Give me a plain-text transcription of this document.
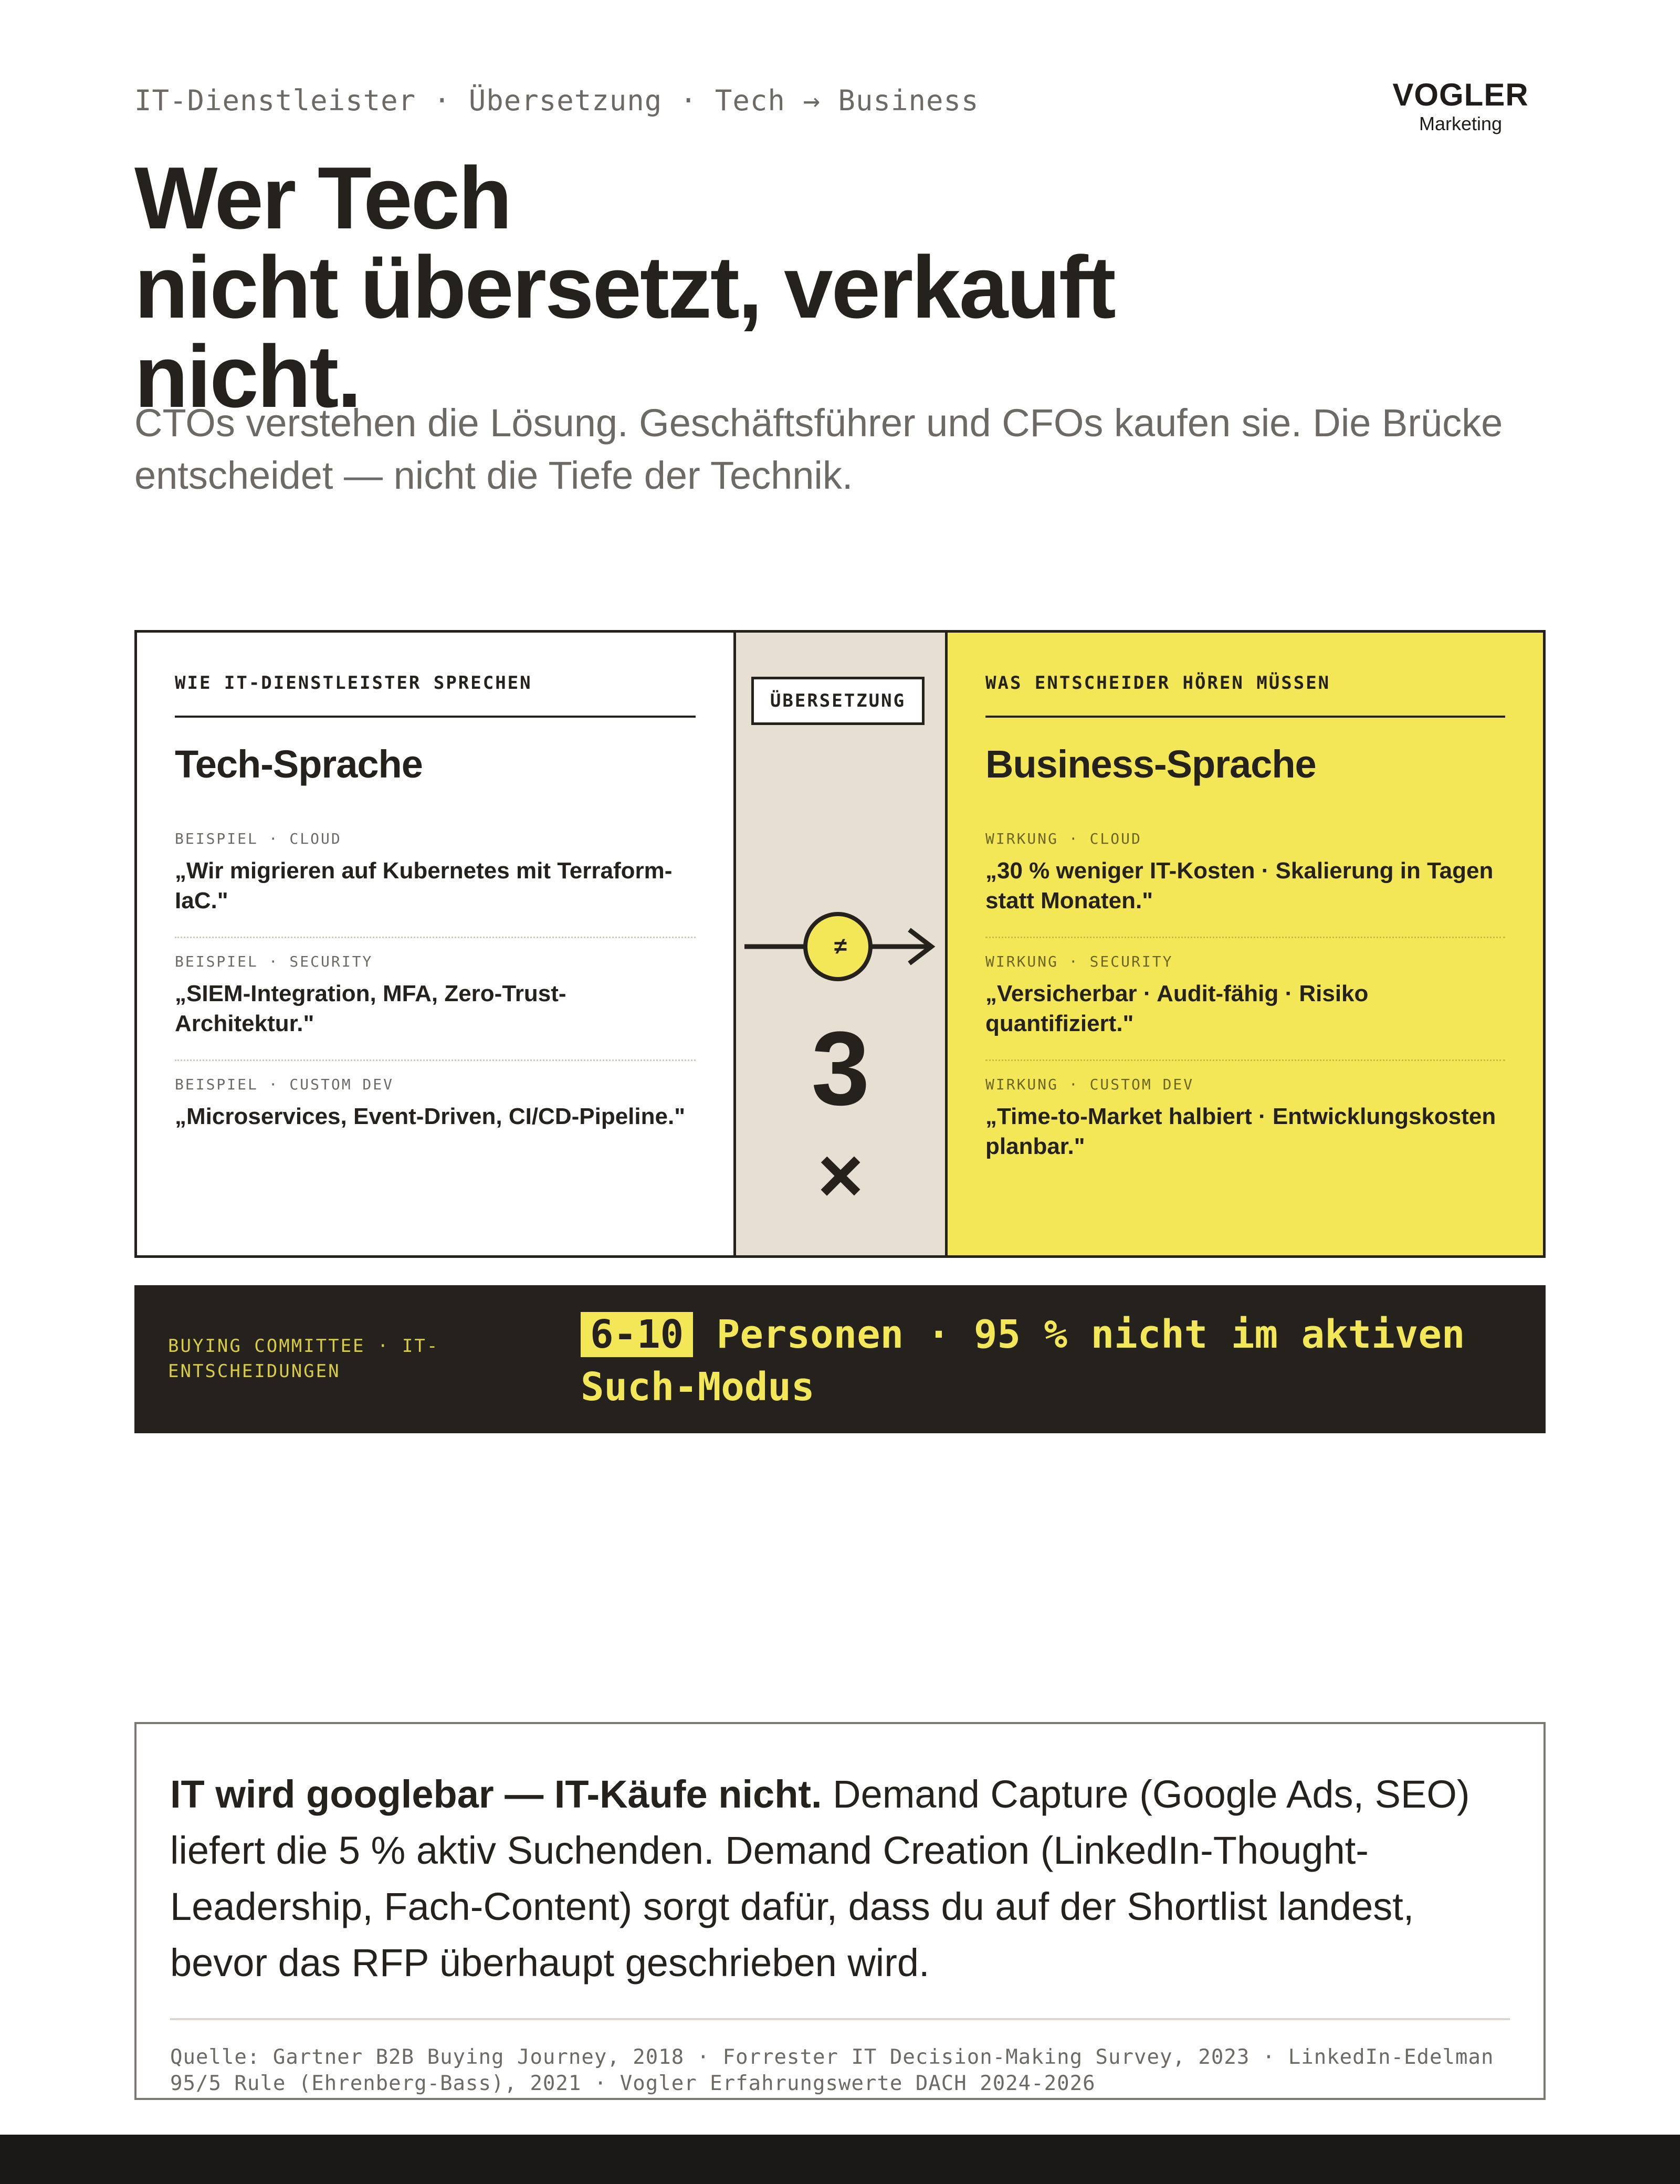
IT-Dienstleister · Übersetzung · Tech → Business	VOGLER
Marketing
Wer Tech
nicht übersetzt, verkauft
nicht.

CTOs verstehen die Lösung. Geschäftsführer und CFOs kaufen sie. Die Brücke entscheidet — nicht die Tiefe der Technik.

WIE IT-DIENSTLEISTER SPRECHEN
Tech-Sprache
BEISPIEL · CLOUD
„Wir migrieren auf Kubernetes mit Terraform-IaC."
BEISPIEL · SECURITY
„SIEM-Integration, MFA, Zero-Trust-Architektur."
BEISPIEL · CUSTOM DEV
„Microservices, Event-Driven, CI/CD-Pipeline."
ÜBERSETZUNG
≠
3
×
WAS ENTSCHEIDER HÖREN MÜSSEN
Business-Sprache
WIRKUNG · CLOUD
„30 % weniger IT-Kosten · Skalierung in Tagen statt Monaten."
WIRKUNG · SECURITY
„Versicherbar · Audit-fähig · Risiko quantifiziert."
WIRKUNG · CUSTOM DEV
„Time-to-Market halbiert · Entwicklungskosten planbar."
BUYING COMMITTEE · IT-ENTSCHEIDUNGEN
6-10 Personen · 95 % nicht im aktiven Such-Modus

IT wird googlebar — IT-Käufe nicht. Demand Capture (Google Ads, SEO) liefert die 5 % aktiv Suchenden. Demand Creation (LinkedIn-Thought-Leadership, Fach-Content) sorgt dafür, dass du auf der Shortlist landest, bevor das RFP überhaupt geschrieben wird.

Quelle: Gartner B2B Buying Journey, 2018 · Forrester IT Decision-Making Survey, 2023 · LinkedIn-Edelman 95/5 Rule (Ehrenberg-Bass), 2021 · Vogler Erfahrungswerte DACH 2024-2026
